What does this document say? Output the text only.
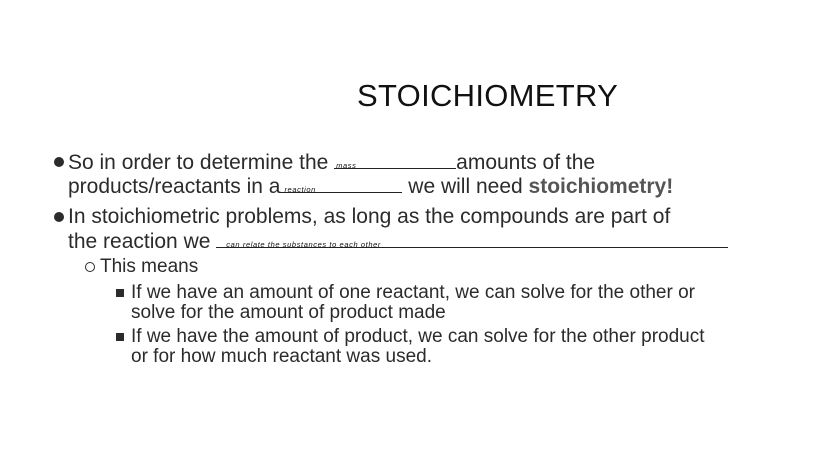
STOICHIOMETRY
So in order to determine the mass	amounts of the
products/reactants in a reaction	we will need stoichiometry!
In stoichiometric problems, as long as the compounds are part of
the reaction we can relate the substances to each other
This means
If we have an amount of one reactant, we can solve for the other or
solve for the amount of product made
If we have the amount of product, we can solve for the other product
or for how much reactant was used.
